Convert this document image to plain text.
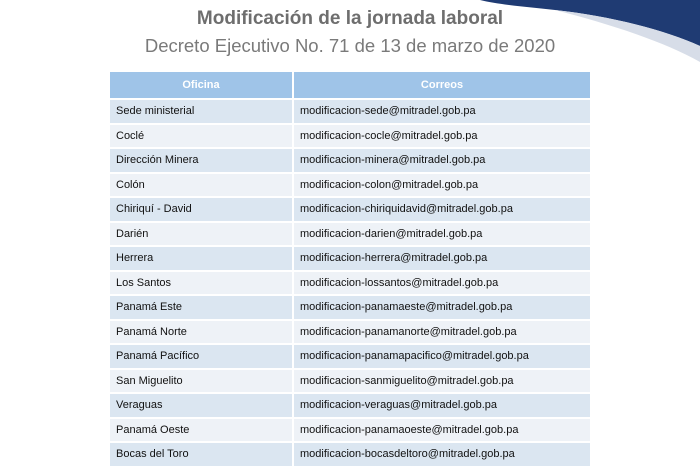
Modificación de la jornada laboral
Decreto Ejecutivo No. 71 de 13 de marzo de 2020
Oficina	Correos
Sede ministerial	modificacion-sede@mitradel.gob.pa
Coclé	modificacion-cocle@mitradel.gob.pa
Dirección Minera	modificacion-minera@mitradel.gob.pa
Colón	modificacion-colon@mitradel.gob.pa
Chiriquí - David	modificacion-chiriquidavid@mitradel.gob.pa
Darién	modificacion-darien@mitradel.gob.pa
Herrera	modificacion-herrera@mitradel.gob.pa
Los Santos	modificacion-lossantos@mitradel.gob.pa
Panamá Este	modificacion-panamaeste@mitradel.gob.pa
Panamá Norte	modificacion-panamanorte@mitradel.gob.pa
Panamá Pacífico	modificacion-panamapacifico@mitradel.gob.pa
San Miguelito	modificacion-sanmiguelito@mitradel.gob.pa
Veraguas	modificacion-veraguas@mitradel.gob.pa
Panamá Oeste	modificacion-panamaoeste@mitradel.gob.pa
Bocas del Toro	modificacion-bocasdeltoro@mitradel.gob.pa
